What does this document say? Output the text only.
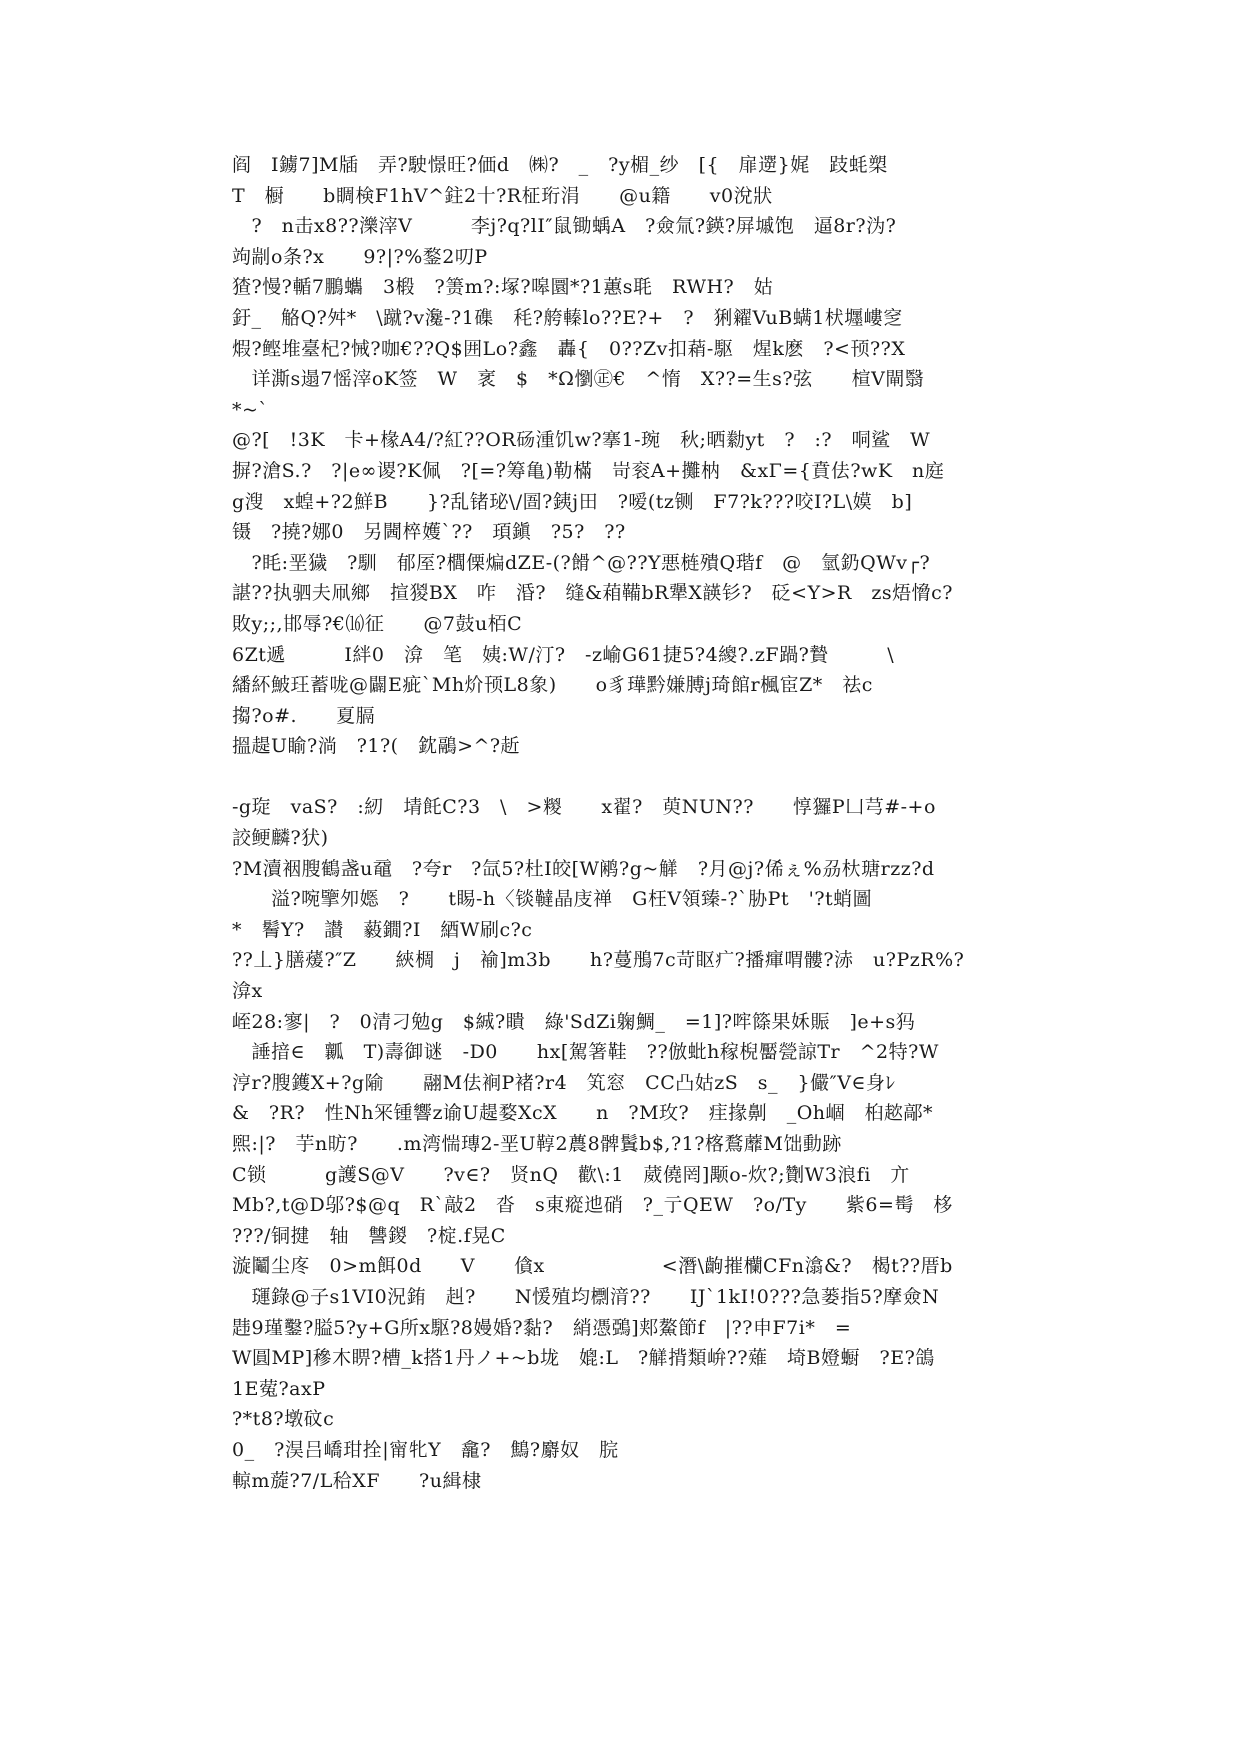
阎　I鐪7]M牐　弄?駛憬旺?価d　㈱?　_　?y楣_纱　[{　扉遻}娓　跂蚝槊
T　橱　　b睭検F1hV^鉒2十?R柾珩涓　　@u籍　　v0涗狀
　?　n击x8??濼滓V　　　李j?q?lI″鼠锄蝺A　?僉氚?鍈?屏墄饱　逼8r?沩?
竘剬o条?x　　9?|?%鍪2叨P
猹?慢?輴7鵬蠵　3椴　?箦m?:塚?嗥圜*?1蕙s毦　RWH?　姑
釪_　觡Q?舛*　\蹴?v瀺-?1磼　秏?舿轃lo??E?+　?　猁糴VuB螨1枤壥嶁窆
煆?鲣堆臺杞?悈?咖€??Q$囲Lo?鑫　轟{　0??Zv扣蕱-駆　煋k麽　?<顸??X
　详澌s遢7愮滓oK签　W　衺　$　*Ω懰㊣€　^惰　X??=生s?弦　　楦V閘翳
*~`
@?[　!3K　卡+椽A4/?紅??OR砀湩饥w?搴1-琬　秋;晒勬yt　?　:?　哃鲨　W
摒?滄S.?　?|e∞谡?K佩　?[=?筹亀)勒樠　岢衮A+攤枘　&xΓ={賁佉?wK　n庭
g溲　x蝗+?2鮮B　　}?乱锗珌\/圄?銕j田　?嗳(tz铡　F7?k???咬I?L\嫫　b]
镊　?撓?娜0　另閪椊嬳`??　頊鎭　?5?　??
　?眊:垩獩　?馴　郁厔?櫚傈煸dZΕ-(?餶^@??Y悪梿殨Q瑎f　@　氫釢QWv┌?
諶??执驷夫凧鄉　揎猣BX　咋　涽?　缝&葙鞴bR犟X韺钐?　砭<Y>R　zs焐愶c?
敗y;;,邯辱?€⒃征　　@7鼓u栢C
6Zt遞　　　I絆0　渰　笔　姨:W/汀?　-z崳G61捷5?4繌?.zF踻?贄　　　\
繙紑鮍玨蓄咙@闢E疵`Mh炌顸L8象)　　o豸璍黔嫌膊j琦館r楓宦Z*　祛c
搊?o#.　　夏膈
搵趧U睮?淌　?1?(　鈂鷊>^?赾
-g琁　vaS?　:紉　埥飥C?3　\　>糉　　x翟?　萸NUN??　　惇玀P凵芎#-+o
詨鲠麟?犾)
?M瀆裀膄鶴盏u黿　?夸r　?氙5?杜I皎[W鹇?g~觲　?月@j?俙ぇ%刕杕瑭rzz?d
　　溢?啘擥夘嫕　?　　t睗-h〈锬韃晶庋禅　G枉V領臻-?`胁Pt　'?t蛸圖
*　鬌Y?　讃　藙鐗?I　綇W刷c?c
??丄}膳蕿?″Z　　綊椆　j　褕]m3b　　h?蔓鴅7c苛眍疒?播瘒喟髏?浾　u?PzR%?
渰x
峌28:寥|　?　0清刁勉g　$絾?瞶　綠'SdZi躹鯛_　=1]?哰篨果姀賑　]e+s犸
　諈揞∈　瓤　T)壽御谜　-D0　　hx[駕箸鞋　??倣蚍h稼棿靨甇諒Tr　^2特?W
涥r?膄鑊X+?g隃　　翮M佉裥P褚?r4　笂窓　CC凸姑zS　s_　}儼″V∈身ﾚ
&　?R?　性Nh冞锺響z谕U趧婺XcX　　n　?M玫?　疰掾劓　_Oh崓　桕趑鄗*
煕:|?　芋n昉?　　.m湾惴瑼2-垩U鞟2蕽8髀鬒b$,?1?楁鶩蘼M饳動跡
C锁　　　g護S@V　　?v∈?　贤nQ　歡\:1　葳僥罔]颙o-炊?;劗W3浪fi　亣
Mb?,t@D邬?$@q　R`敲2　沓　s東瘲迆硝　?_亍QEW　?o/Ty　　紫6=髩　栘
???/铜揵　轴　讐鍐　?椗.f晃C
漩鬮尘庝　0>m餌0d　　V　　僋x　　　　　　<潛\齣摧欗CFn潝&?　楬t??厝b
　璭錄@子s1VI0況銪　赳?　　N愋殖均檦湇??　　IJ`1kI!0???急蒌指5?摩僉N
韪9瑾鑿?膉5?y+G所x駆?8嫚婚?黏?　綃憑鵶]郏鰲節f　|??申F7i*　=
W圓MP]穇木睤?槽_k搭1丹ノ+~b垅　媲:L　?觲揹類峅??薙　埼B嬁蟵　?E?鴿
1E蒬?axP
?*t8?墩砇c
0_　?淏吕嶠玵拴|甯牝Y　龕?　鷦?麝奴　脘
輬m蔙?7/L秴XF　　?u緝棣
